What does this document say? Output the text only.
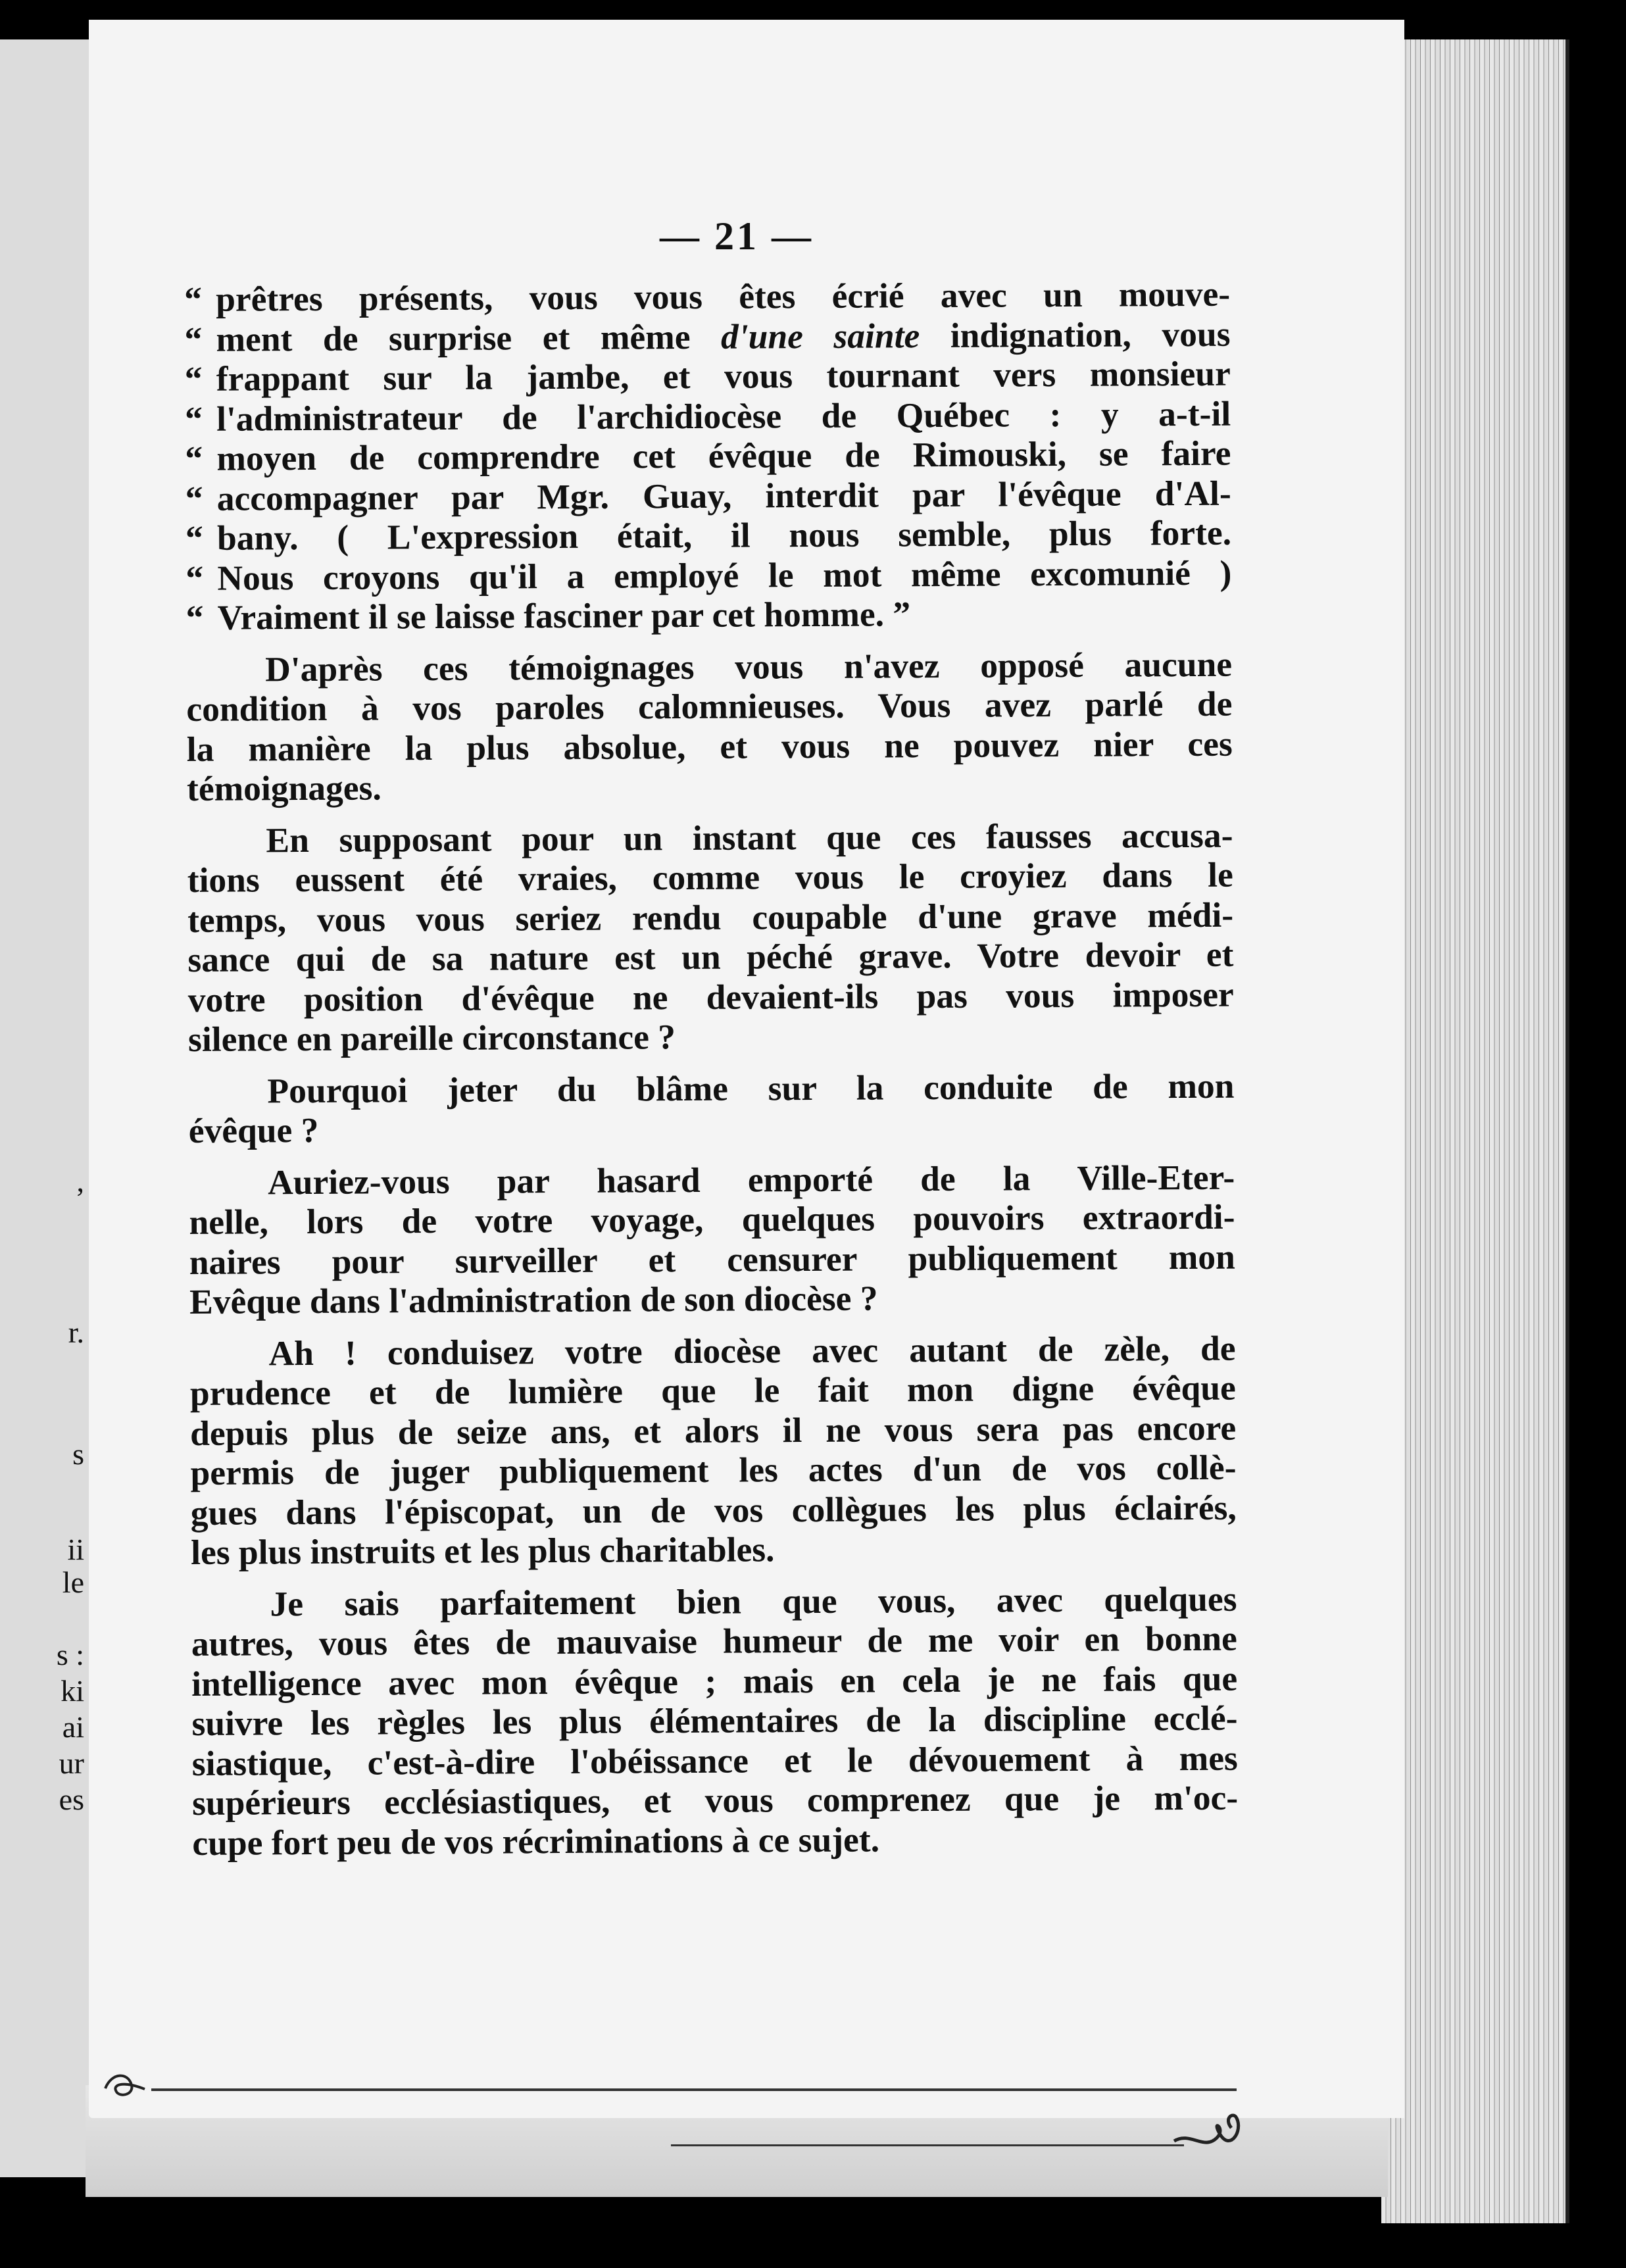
,
r.
s
ii
le
s :
ki
ai
ur
es
— 21 —
“ prêtres présents, vous vous êtes écrié avec un mouve-
“ ment de surprise et même d'une sainte indignation, vous
“ frappant sur la jambe, et vous tournant vers monsieur
“ l'administrateur de l'archidiocèse de Québec : y a-t-il
“ moyen de comprendre cet évêque de Rimouski, se faire
“ accompagner par Mgr. Guay, interdit par l'évêque d'Al-
“ bany. ( L'expression était, il nous semble, plus forte.
“ Nous croyons qu'il a employé le mot même excomunié )
“ Vraiment il se laisse fasciner par cet homme. ”
D'après ces témoignages vous n'avez opposé aucune
condition à vos paroles calomnieuses. Vous avez parlé de
la manière la plus absolue, et vous ne pouvez nier ces
témoignages.
En supposant pour un instant que ces fausses accusa-
tions eussent été vraies, comme vous le croyiez dans le
temps, vous vous seriez rendu coupable d'une grave médi-
sance qui de sa nature est un péché grave. Votre devoir et
votre position d'évêque ne devaient-ils pas vous imposer
silence en pareille circonstance ?
Pourquoi jeter du blâme sur la conduite de mon
évêque ?
Auriez-vous par hasard emporté de la Ville-Eter-
nelle, lors de votre voyage, quelques pouvoirs extraordi-
naires pour surveiller et censurer publiquement mon
Evêque dans l'administration de son diocèse ?
Ah ! conduisez votre diocèse avec autant de zèle, de
prudence et de lumière que le fait mon digne évêque
depuis plus de seize ans, et alors il ne vous sera pas encore
permis de juger publiquement les actes d'un de vos collè-
gues dans l'épiscopat, un de vos collègues les plus éclairés,
les plus instruits et les plus charitables.
Je sais parfaitement bien que vous, avec quelques
autres, vous êtes de mauvaise humeur de me voir en bonne
intelligence avec mon évêque ; mais en cela je ne fais que
suivre les règles les plus élémentaires de la discipline ecclé-
siastique, c'est-à-dire l'obéissance et le dévouement à mes
supérieurs ecclésiastiques, et vous comprenez que je m'oc-
cupe fort peu de vos récriminations à ce sujet.
